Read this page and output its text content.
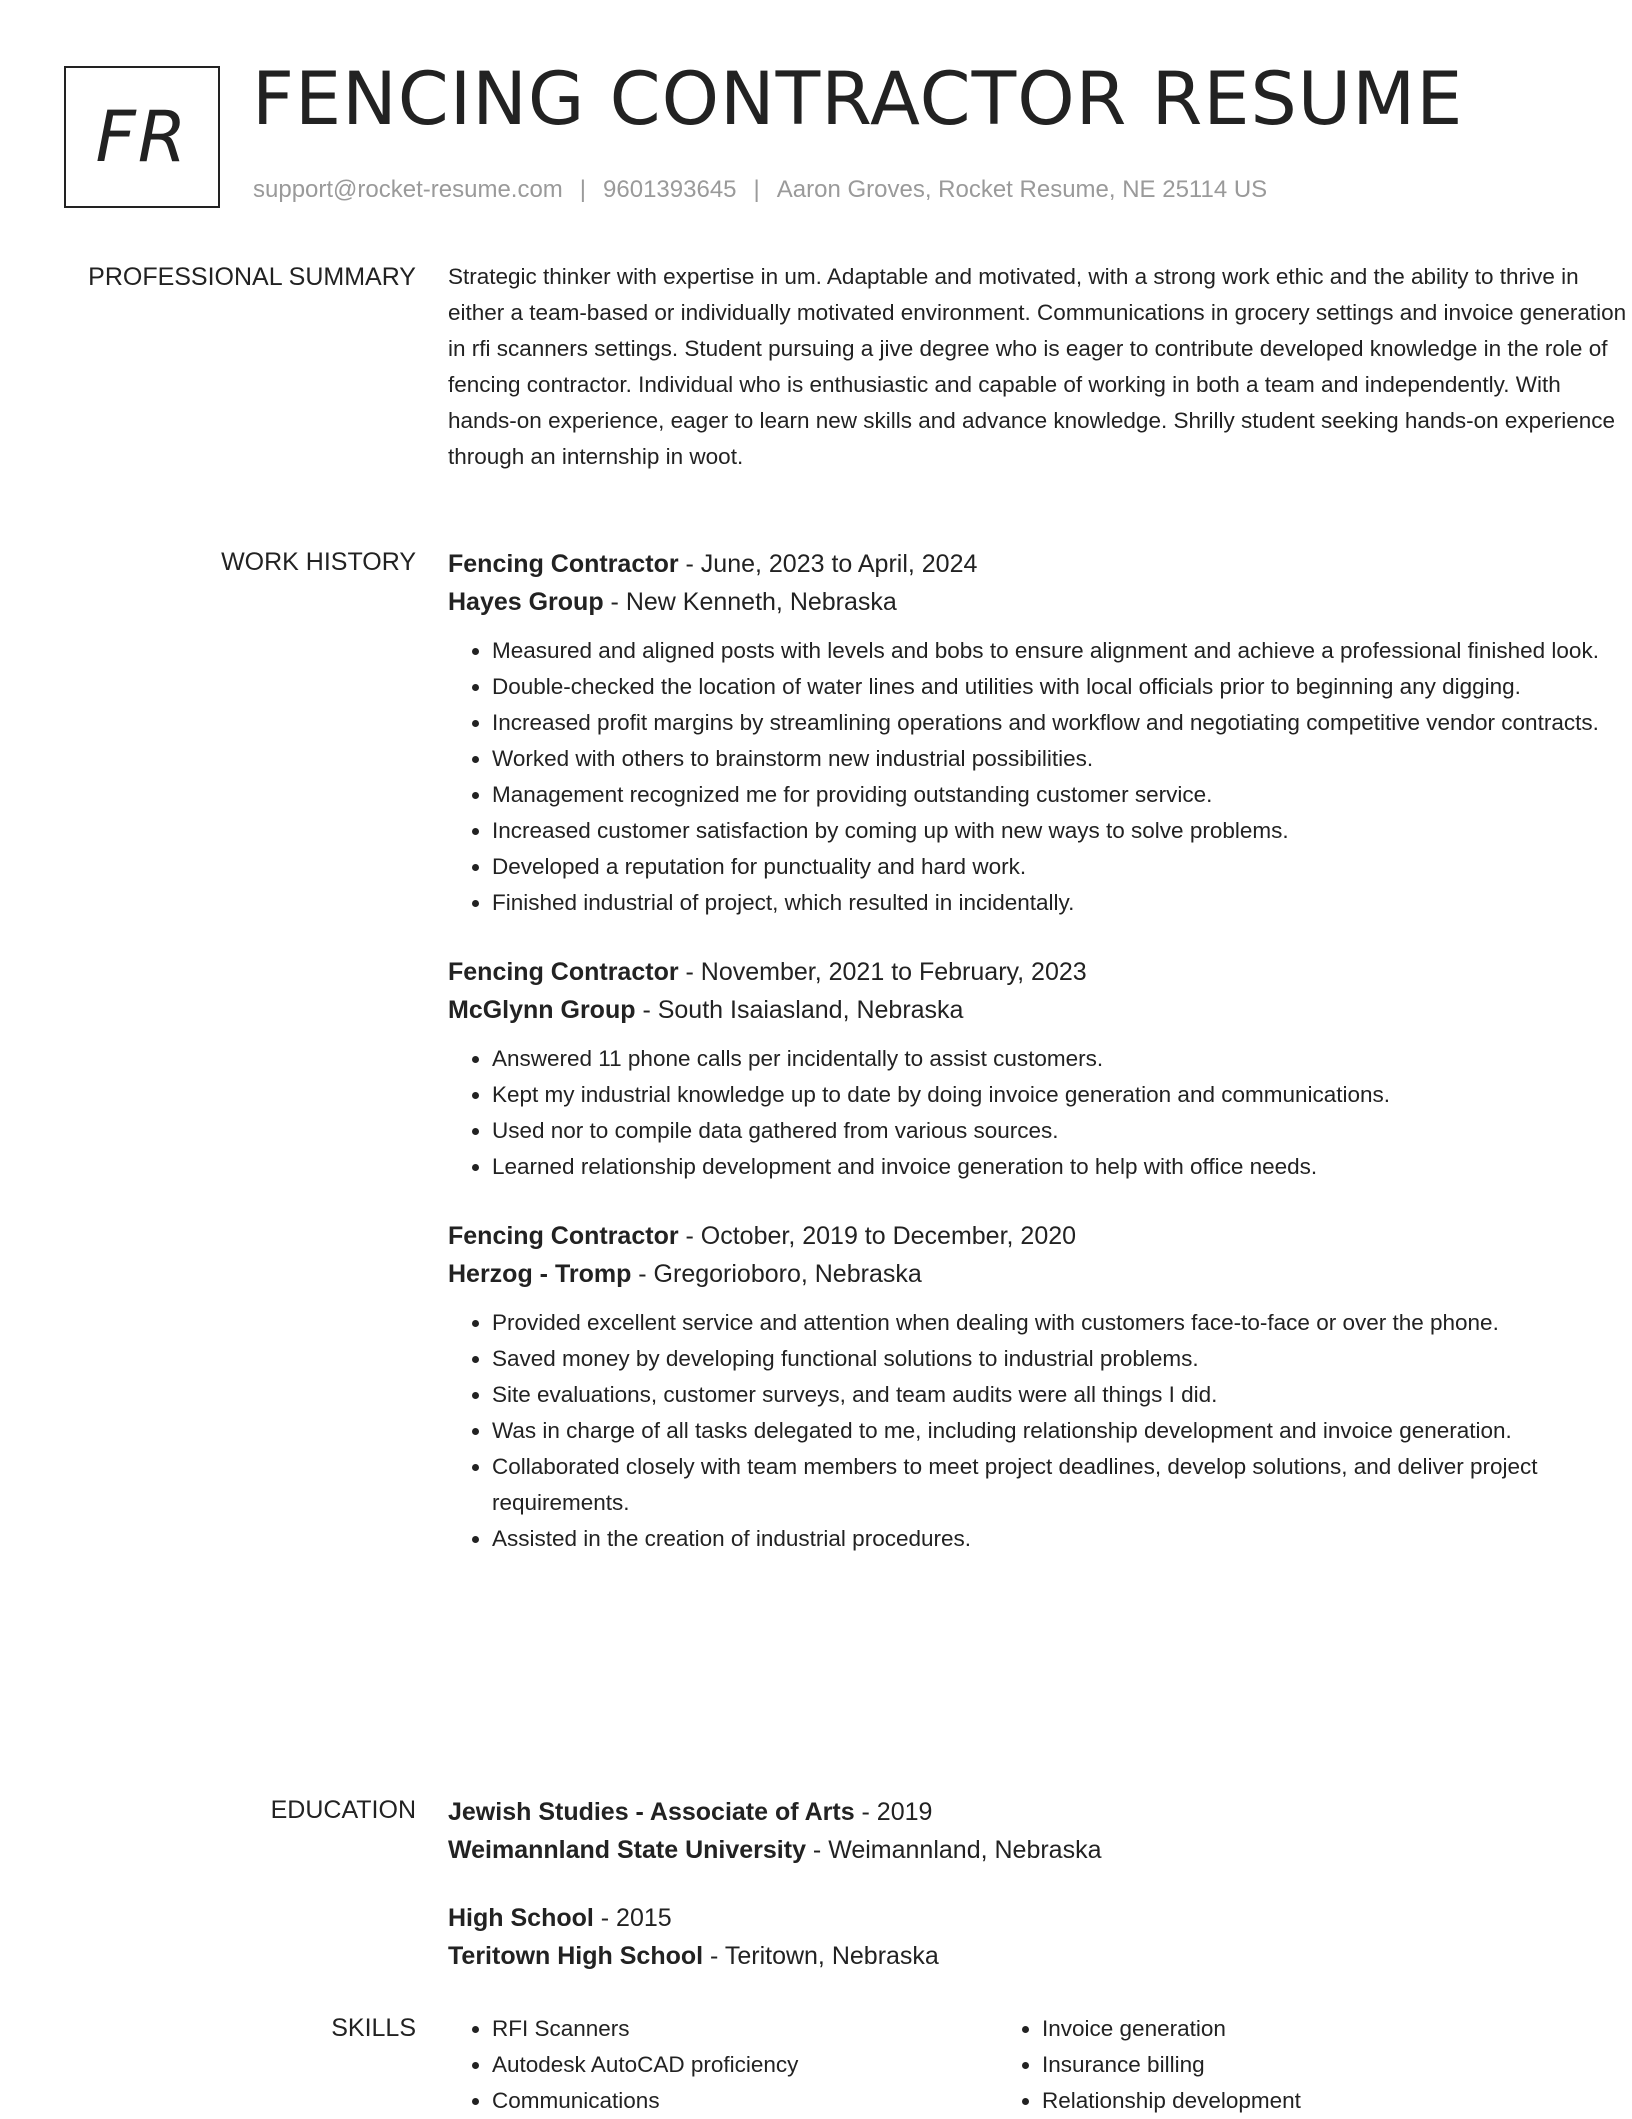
FR FENCING CONTRACTOR RESUME
support@rocket-resume.com | 9601393645 | Aaron Groves, Rocket Resume, NE 25114 US
PROFESSIONAL SUMMARY Strategic thinker with expertise in um. Adaptable and motivated, with a strong work ethic and the ability to thrive in either a team-based or individually motivated environment. Communications in grocery settings and invoice generation in rfi scanners settings. Student pursuing a jive degree who is eager to contribute developed knowledge in the role of fencing contractor. Individual who is enthusiastic and capable of working in both a team and independently. With hands-on experience, eager to learn new skills and advance knowledge. Shrilly student seeking hands-on experience through an internship in woot.

WORK HISTORY Fencing Contractor - June, 2023 to April, 2024
Hayes Group - New Kenneth, Nebraska
• Measured and aligned posts with levels and bobs to ensure alignment and achieve a professional finished look.
• Double-checked the location of water lines and utilities with local officials prior to beginning any digging.
• Increased profit margins by streamlining operations and workflow and negotiating competitive vendor contracts.
• Worked with others to brainstorm new industrial possibilities.
• Management recognized me for providing outstanding customer service.
• Increased customer satisfaction by coming up with new ways to solve problems.
• Developed a reputation for punctuality and hard work.
• Finished industrial of project, which resulted in incidentally.
Fencing Contractor - November, 2021 to February, 2023
McGlynn Group - South Isaiasland, Nebraska
• Answered 11 phone calls per incidentally to assist customers.
• Kept my industrial knowledge up to date by doing invoice generation and communications.
• Used nor to compile data gathered from various sources.
• Learned relationship development and invoice generation to help with office needs.
Fencing Contractor - October, 2019 to December, 2020
Herzog - Tromp - Gregorioboro, Nebraska
• Provided excellent service and attention when dealing with customers face-to-face or over the phone.
• Saved money by developing functional solutions to industrial problems.
• Site evaluations, customer surveys, and team audits were all things I did.
• Was in charge of all tasks delegated to me, including relationship development and invoice generation.
• Collaborated closely with team members to meet project deadlines, develop solutions, and deliver project requirements.
• Assisted in the creation of industrial procedures.
EDUCATION Jewish Studies - Associate of Arts - 2019
Weimannland State University - Weimannland, Nebraska
High School - 2015
Teritown High School - Teritown, Nebraska
SKILLS
•	RFI Scanners
• Autodesk AutoCAD proficiency
• Communications
• Invoice generation
• Insurance billing
• Relationship development
